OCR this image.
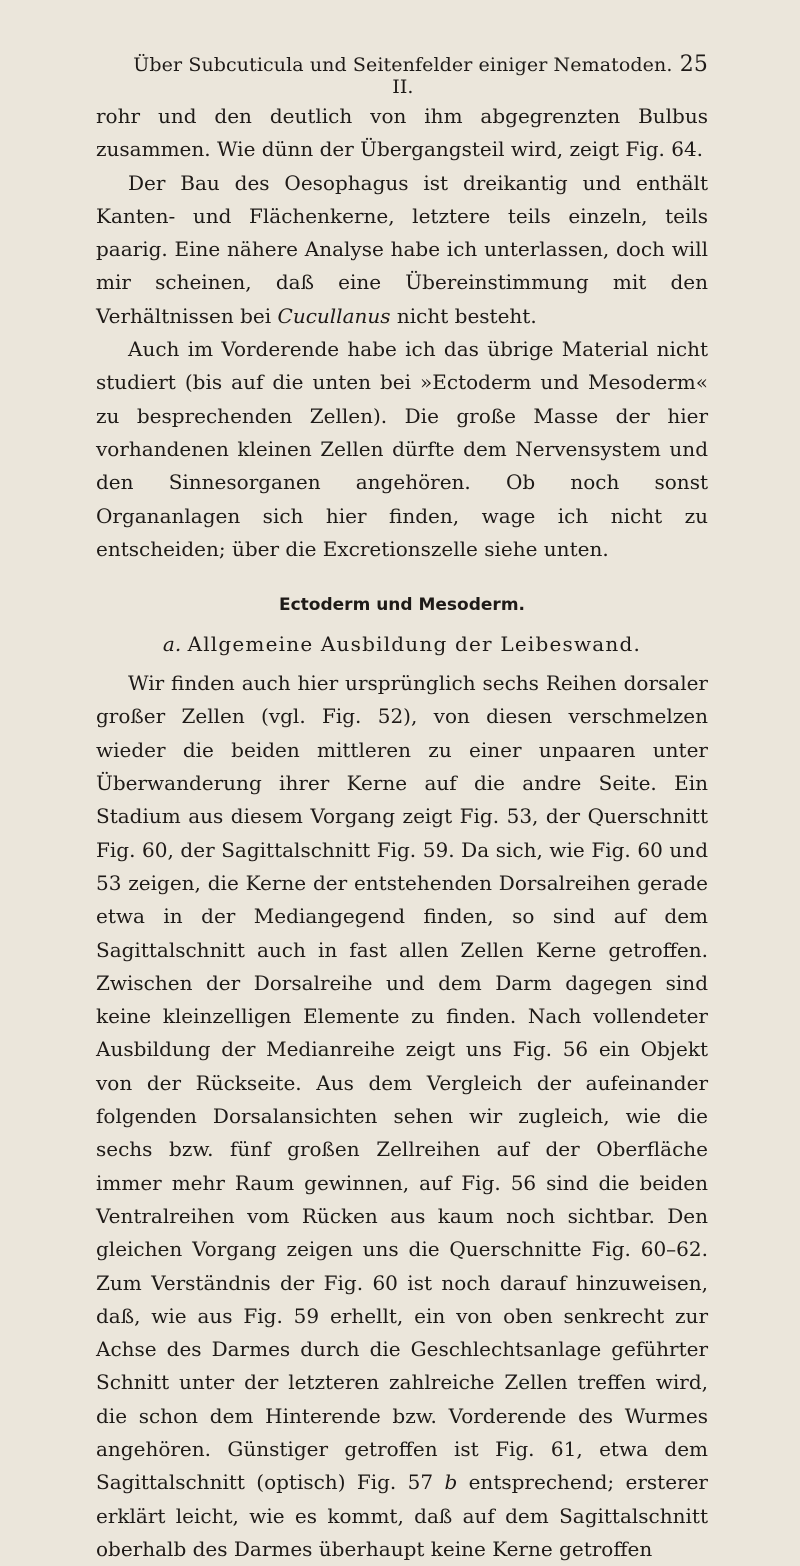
Über Subcuticula und Seitenfelder einiger Nematoden. II.
25

rohr und den deutlich von ihm abgegrenzten Bulbus zusammen. Wie dünn der Übergangsteil wird, zeigt Fig. 64.

Der Bau des Oesophagus ist dreikantig und enthält Kanten- und Flächenkerne, letztere teils einzeln, teils paarig. Eine nähere Analyse habe ich unterlassen, doch will mir scheinen, daß eine Übereinstimmung mit den Verhältnissen bei Cucullanus nicht besteht.

Auch im Vorderende habe ich das übrige Material nicht studiert (bis auf die unten bei »Ectoderm und Mesoderm« zu besprechenden Zellen). Die große Masse der hier vorhandenen kleinen Zellen dürfte dem Nervensystem und den Sinnesorganen angehören. Ob noch sonst Organanlagen sich hier finden, wage ich nicht zu entscheiden; über die Excretionszelle siehe unten.

Ectoderm und Mesoderm.
a. Allgemeine Ausbildung der Leibeswand.

Wir finden auch hier ursprünglich sechs Reihen dorsaler großer Zellen (vgl. Fig. 52), von diesen verschmelzen wieder die beiden mittleren zu einer unpaaren unter Überwanderung ihrer Kerne auf die andre Seite. Ein Stadium aus diesem Vorgang zeigt Fig. 53, der Querschnitt Fig. 60, der Sagittalschnitt Fig. 59. Da sich, wie Fig. 60 und 53 zeigen, die Kerne der entstehenden Dorsalreihen gerade etwa in der Mediangegend finden, so sind auf dem Sagittalschnitt auch in fast allen Zellen Kerne getroffen. Zwischen der Dorsalreihe und dem Darm dagegen sind keine kleinzelligen Elemente zu finden. Nach vollendeter Ausbildung der Medianreihe zeigt uns Fig. 56 ein Objekt von der Rückseite. Aus dem Vergleich der aufeinander folgenden Dorsalansichten sehen wir zugleich, wie die sechs bzw. fünf großen Zellreihen auf der Oberfläche immer mehr Raum gewinnen, auf Fig. 56 sind die beiden Ventralreihen vom Rücken aus kaum noch sichtbar. Den gleichen Vorgang zeigen uns die Querschnitte Fig. 60–62. Zum Verständnis der Fig. 60 ist noch darauf hinzuweisen, daß, wie aus Fig. 59 erhellt, ein von oben senkrecht zur Achse des Darmes durch die Geschlechtsanlage geführter Schnitt unter der letzteren zahlreiche Zellen treffen wird, die schon dem Hinterende bzw. Vorderende des Wurmes angehören. Günstiger getroffen ist Fig. 61, etwa dem Sagittalschnitt (optisch) Fig. 57 b entsprechend; ersterer erklärt leicht, wie es kommt, daß auf dem Sagittalschnitt oberhalb des Darmes überhaupt keine Kerne getroffen
